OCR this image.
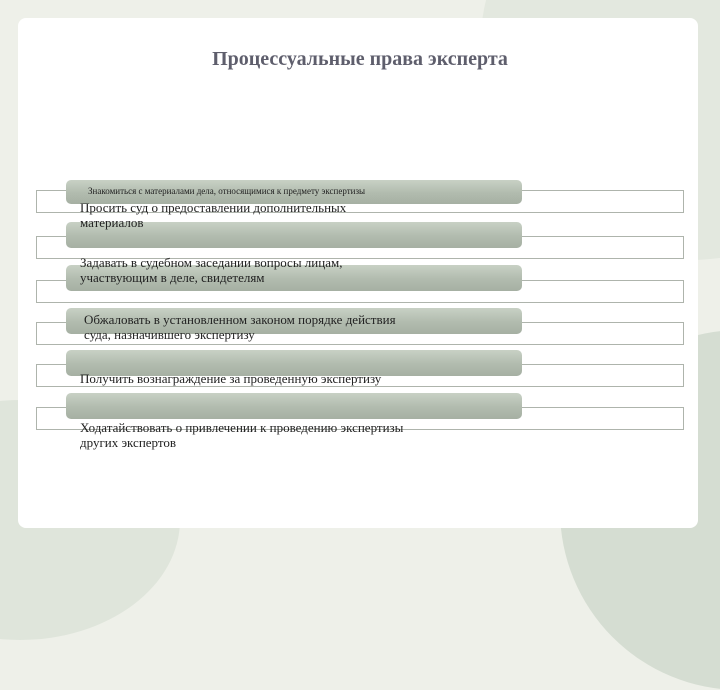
Процессуальные права эксперта
Знакомиться с материалами дела, относящимися к предмету экспертизы
Просить суд о предоставлении дополнительных
материалов
Задавать в судебном заседании вопросы лицам,
участвующим в деле, свидетелям
Обжаловать в установленном законом порядке действия
суда, назначившего экспертизу
Получить вознаграждение за проведенную экспертизу
Ходатайствовать о привлечении к проведению экспертизы
других экспертов
